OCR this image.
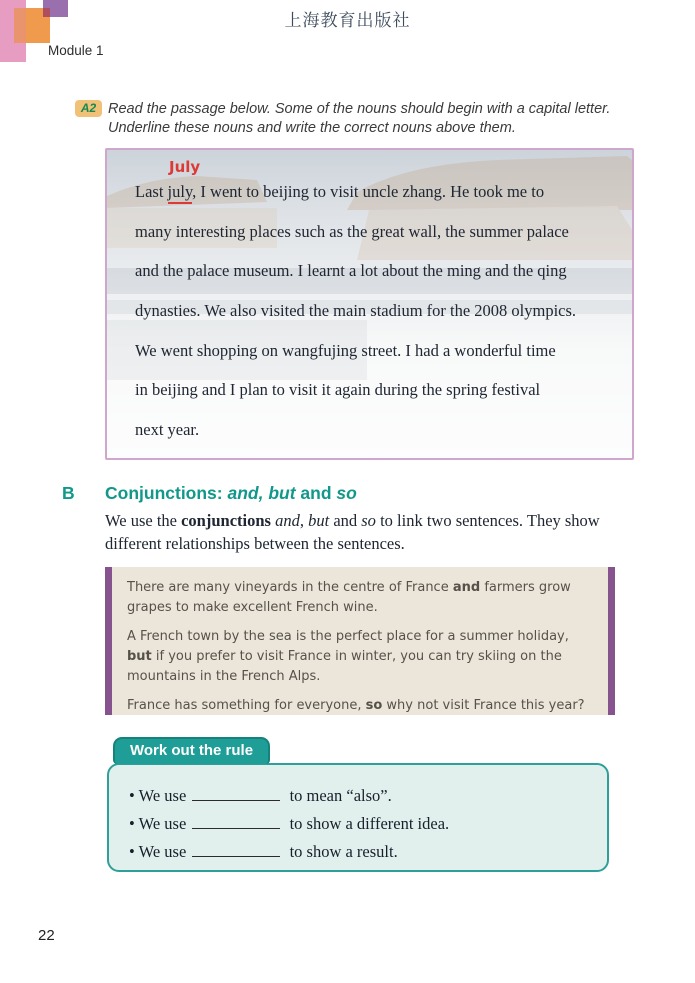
上海教育出版社
Module 1
A2 Read the passage below. Some of the nouns should begin with a capital letter.
Underline these nouns and write the correct nouns above them.
July
Last july, I went to beijing to visit uncle zhang. He took me to
many interesting places such as the great wall, the summer palace
and the palace museum. I learnt a lot about the ming and the qing
dynasties. We also visited the main stadium for the 2008 olympics.
We went shopping on wangfujing street. I had a wonderful time
in beijing and I plan to visit it again during the spring festival
next year.
B Conjunctions: and, but and so
We use the conjunctions and, but and so to link two sentences. They show different relationships between the sentences.

There are many vineyards in the centre of France and farmers grow grapes to make excellent French wine.

A French town by the sea is the perfect place for a summer holiday, but if you prefer to visit France in winter, you can try skiing on the mountains in the French Alps.

France has something for everyone, so why not visit France this year?

Work out the rule
• We use	to mean “also”.
• We use	to show a different idea.
• We use	to show a result.
22
